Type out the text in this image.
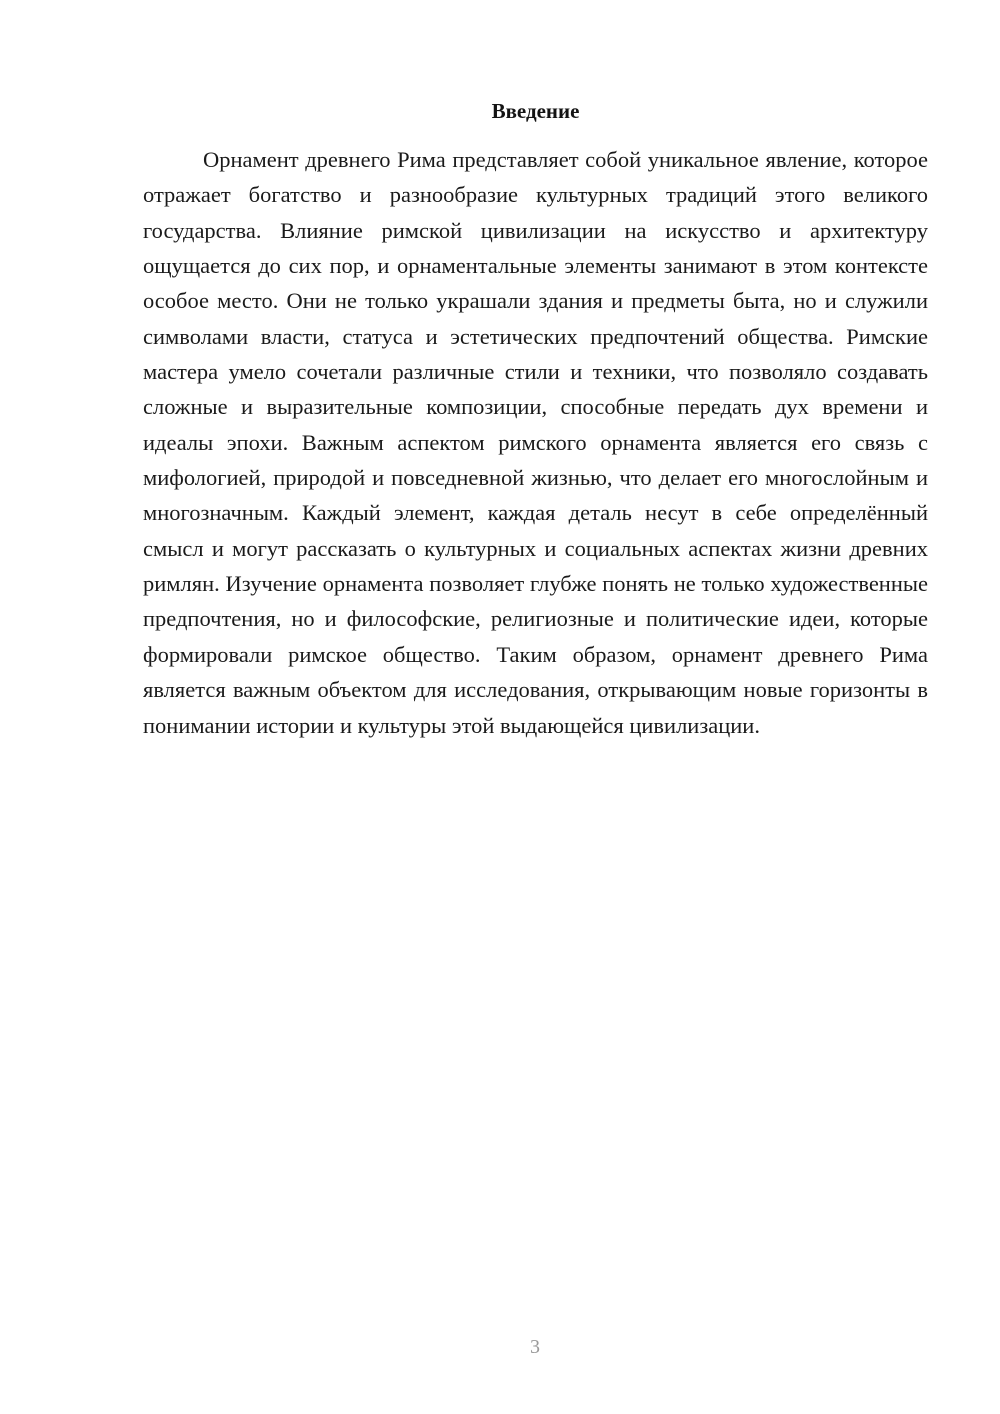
Введение

Орнамент древнего Рима представляет собой уникальное явление, которое отражает богатство и разнообразие культурных традиций этого великого государства. Влияние римской цивилизации на искусство и архитектуру ощущается до сих пор, и орнаментальные элементы занимают в этом контексте особое место. Они не только украшали здания и предметы быта, но и служили символами власти, статуса и эстетических предпочтений общества. Римские мастера умело сочетали различные стили и техники, что позволяло создавать сложные и выразительные композиции, способные передать дух времени и идеалы эпохи. Важным аспектом римского орнамента является его связь с мифологией, природой и повседневной жизнью, что делает его многослойным и многозначным. Каждый элемент, каждая деталь несут в себе определённый смысл и могут рассказать о культурных и социальных аспектах жизни древних римлян. Изучение орнамента позволяет глубже понять не только художественные предпочтения, но и философские, религиозные и политические идеи, которые формировали римское общество. Таким образом, орнамент древнего Рима является важным объектом для исследования, открывающим новые горизонты в понимании истории и культуры этой выдающейся цивилизации.

3
